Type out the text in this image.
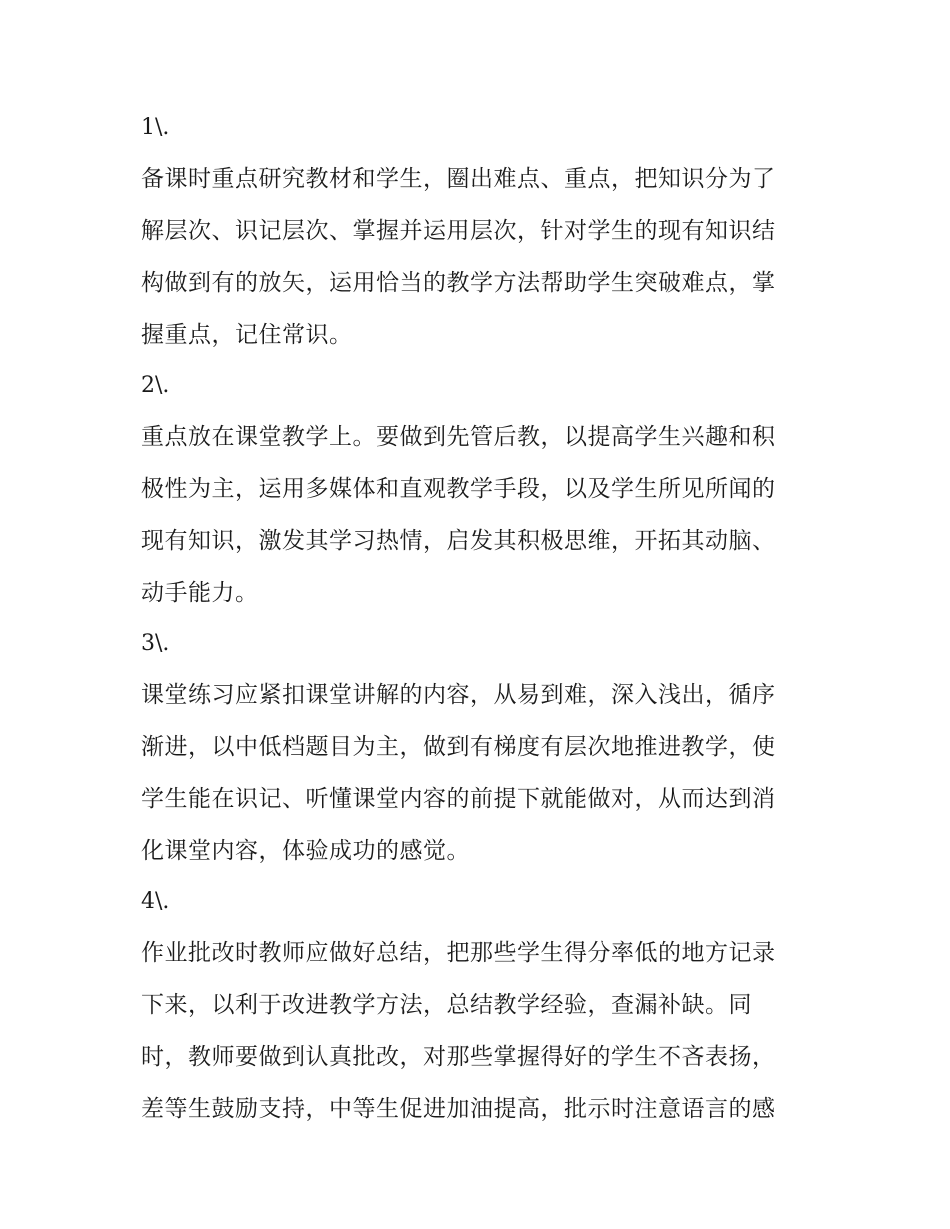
1\.

备课时重点研究教材和学生，圈出难点、重点，把知识分为了
解层次、识记层次、掌握并运用层次，针对学生的现有知识结
构做到有的放矢，运用恰当的教学方法帮助学生突破难点，掌
握重点，记住常识。

2\.

重点放在课堂教学上。要做到先管后教，以提高学生兴趣和积
极性为主，运用多媒体和直观教学手段，以及学生所见所闻的
现有知识，激发其学习热情，启发其积极思维，开拓其动脑、
动手能力。

3\.

课堂练习应紧扣课堂讲解的内容，从易到难，深入浅出，循序
渐进，以中低档题目为主，做到有梯度有层次地推进教学，使
学生能在识记、听懂课堂内容的前提下就能做对，从而达到消
化课堂内容，体验成功的感觉。

4\.

作业批改时教师应做好总结，把那些学生得分率低的地方记录
下来，以利于改进教学方法，总结教学经验，查漏补缺。同
时，教师要做到认真批改，对那些掌握得好的学生不吝表扬，
差等生鼓励支持，中等生促进加油提高，批示时注意语言的感
